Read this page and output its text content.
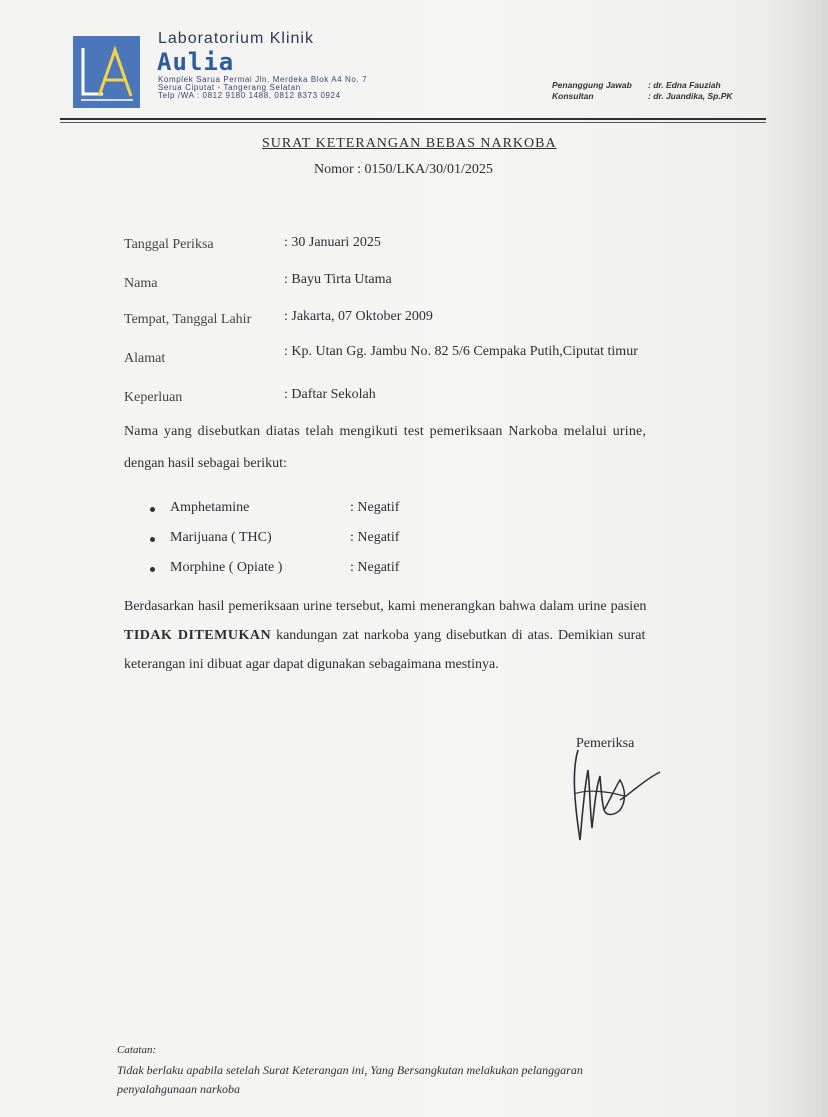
Laboratorium Klinik
Aulia
Komplek Sarua Permai Jln. Merdeka Blok A4 No. 7
Serua Ciputat - Tangerang Selatan
Telp /WA : 0812 9180 1488, 0812 8373 0924
Penanggung Jawab : dr. Edna Fauziah
Konsultan	: dr. Juandika, Sp.PK
SURAT KETERANGAN BEBAS NARKOBA
Nomor : 0150/LKA/30/01/2025
Tanggal Periksa	: 30 Januari 2025
Nama	: Bayu Tirta Utama
Tempat, Tanggal Lahir : Jakarta, 07 Oktober 2009
Alamat	: Kp. Utan Gg. Jambu No. 82 5/6 Cempaka Putih,Ciputat timur
Keperluan	: Daftar Sekolah
Nama yang disebutkan diatas telah mengikuti test pemeriksaan Narkoba melalui urine,
dengan hasil sebagai berikut:
Amphetamine	: Negatif
Marijuana ( THC)	: Negatif
Morphine ( Opiate )	: Negatif
Berdasarkan hasil pemeriksaan urine tersebut, kami menerangkan bahwa dalam urine pasien
TIDAK DITEMUKAN kandungan zat narkoba yang disebutkan di atas. Demikian surat
keterangan ini dibuat agar dapat digunakan sebagaimana mestinya.
Pemeriksa
Catatan:
Tidak berlaku apabila setelah Surat Keterangan ini, Yang Bersangkutan melakukan pelanggaran
penyalahgunaan narkoba
